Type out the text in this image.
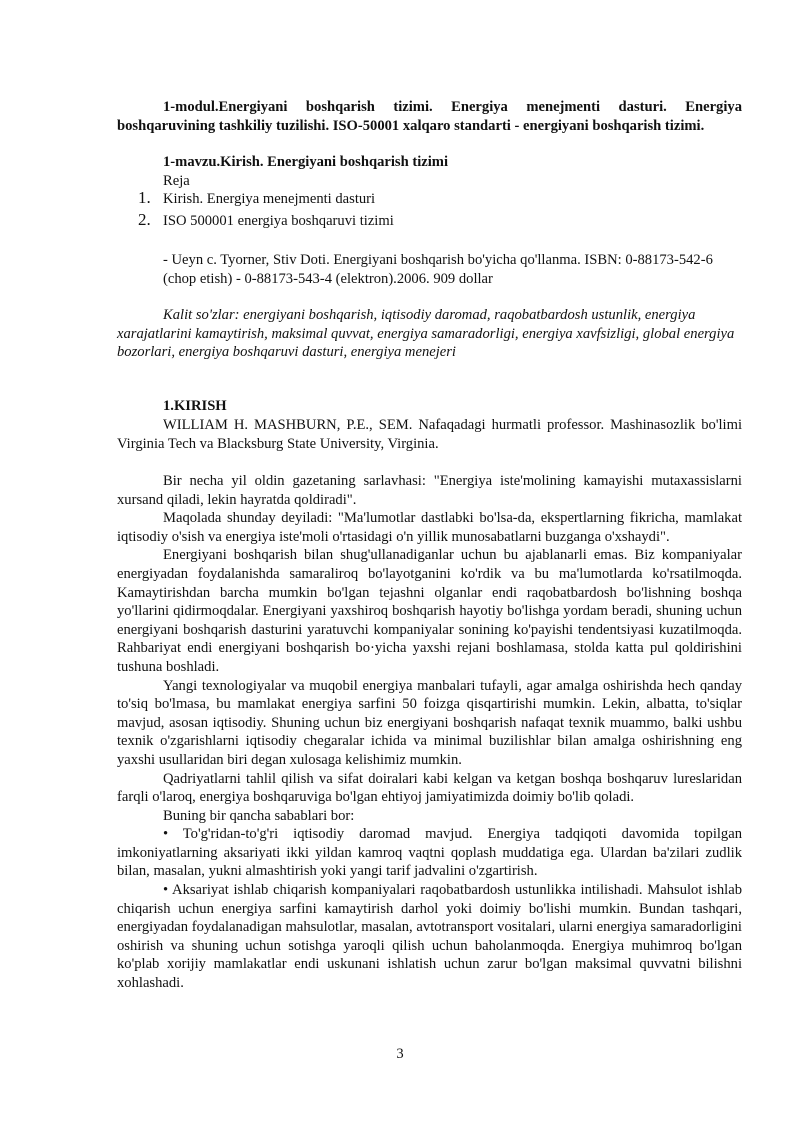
1-modul.Energiyani boshqarish tizimi. Energiya menejmenti dasturi. Energiya boshqaruvining tashkiliy tuzilishi. ISO-50001 xalqaro standarti - energiyani boshqarish tizimi.

1-mavzu.Kirish. Energiyani boshqarish tizimi
Reja
1. Kirish. Energiya menejmenti dasturi
2. ISO 500001 energiya boshqaruvi tizimi

- Ueyn c. Tyorner, Stiv Doti. Energiyani boshqarish bo'yicha qo'llanma. ISBN: 0-88173-542-6 (chop etish) - 0-88173-543-4 (elektron).2006. 909 dollar

Kalit so'zlar: energiyani boshqarish, iqtisodiy daromad, raqobatbardosh ustunlik, energiya xarajatlarini kamaytirish, maksimal quvvat, energiya samaradorligi, energiya xavfsizligi, global energiya bozorlari, energiya boshqaruvi dasturi, energiya menejeri

1.KIRISH

WILLIAM H. MASHBURN, P.E., SEM. Nafaqadagi hurmatli professor. Mashinasozlik bo'limi Virginia Tech va Blacksburg State University, Virginia.

Bir necha yil oldin gazetaning sarlavhasi: "Energiya iste'molining kamayishi mutaxassislarni xursand qiladi, lekin hayratda qoldiradi".

Maqolada shunday deyiladi: "Ma'lumotlar dastlabki bo'lsa-da, ekspertlarning fikricha, mamlakat iqtisodiy o'sish va energiya iste'moli o'rtasidagi o'n yillik munosabatlarni buzganga o'xshaydi".

Energiyani boshqarish bilan shug'ullanadiganlar uchun bu ajablanarli emas. Biz kompaniyalar energiyadan foydalanishda samaraliroq bo'layotganini ko'rdik va bu ma'lumotlarda ko'rsatilmoqda. Kamaytirishdan barcha mumkin bo'lgan tejashni olganlar endi raqobatbardosh bo'lishning boshqa yo'llarini qidirmoqdalar. Energiyani yaxshiroq boshqarish hayotiy bo'lishga yordam beradi, shuning uchun energiyani boshqarish dasturini yaratuvchi kompaniyalar sonining ko'payishi tendentsiyasi kuzatilmoqda. Rahbariyat endi energiyani boshqarish bo·yicha yaxshi rejani boshlamasa, stolda katta pul qoldirishini tushuna boshladi.

Yangi texnologiyalar va muqobil energiya manbalari tufayli, agar amalga oshirishda hech qanday to'siq bo'lmasa, bu mamlakat energiya sarfini 50 foizga qisqartirishi mumkin. Lekin, albatta, to'siqlar mavjud, asosan iqtisodiy. Shuning uchun biz energiyani boshqarish nafaqat texnik muammo, balki ushbu texnik o'zgarishlarni iqtisodiy chegaralar ichida va minimal buzilishlar bilan amalga oshirishning eng yaxshi usullaridan biri degan xulosaga kelishimiz mumkin.

Qadriyatlarni tahlil qilish va sifat doiralari kabi kelgan va ketgan boshqa boshqaruv lureslaridan farqli o'laroq, energiya boshqaruviga bo'lgan ehtiyoj jamiyatimizda doimiy bo'lib qoladi.

Buning bir qancha sabablari bor:

• To'g'ridan-to'g'ri iqtisodiy daromad mavjud. Energiya tadqiqoti davomida topilgan imkoniyatlarning aksariyati ikki yildan kamroq vaqtni qoplash muddatiga ega. Ulardan ba'zilari zudlik bilan, masalan, yukni almashtirish yoki yangi tarif jadvalini o'zgartirish.

• Aksariyat ishlab chiqarish kompaniyalari raqobatbardosh ustunlikka intilishadi. Mahsulot ishlab chiqarish uchun energiya sarfini kamaytirish darhol yoki doimiy bo'lishi mumkin. Bundan tashqari, energiyadan foydalanadigan mahsulotlar, masalan, avtotransport vositalari, ularni energiya samaradorligini oshirish va shuning uchun sotishga yaroqli qilish uchun baholanmoqda. Energiya muhimroq bo'lgan ko'plab xorijiy mamlakatlar endi uskunani ishlatish uchun zarur bo'lgan maksimal quvvatni bilishni xohlashadi.

3
